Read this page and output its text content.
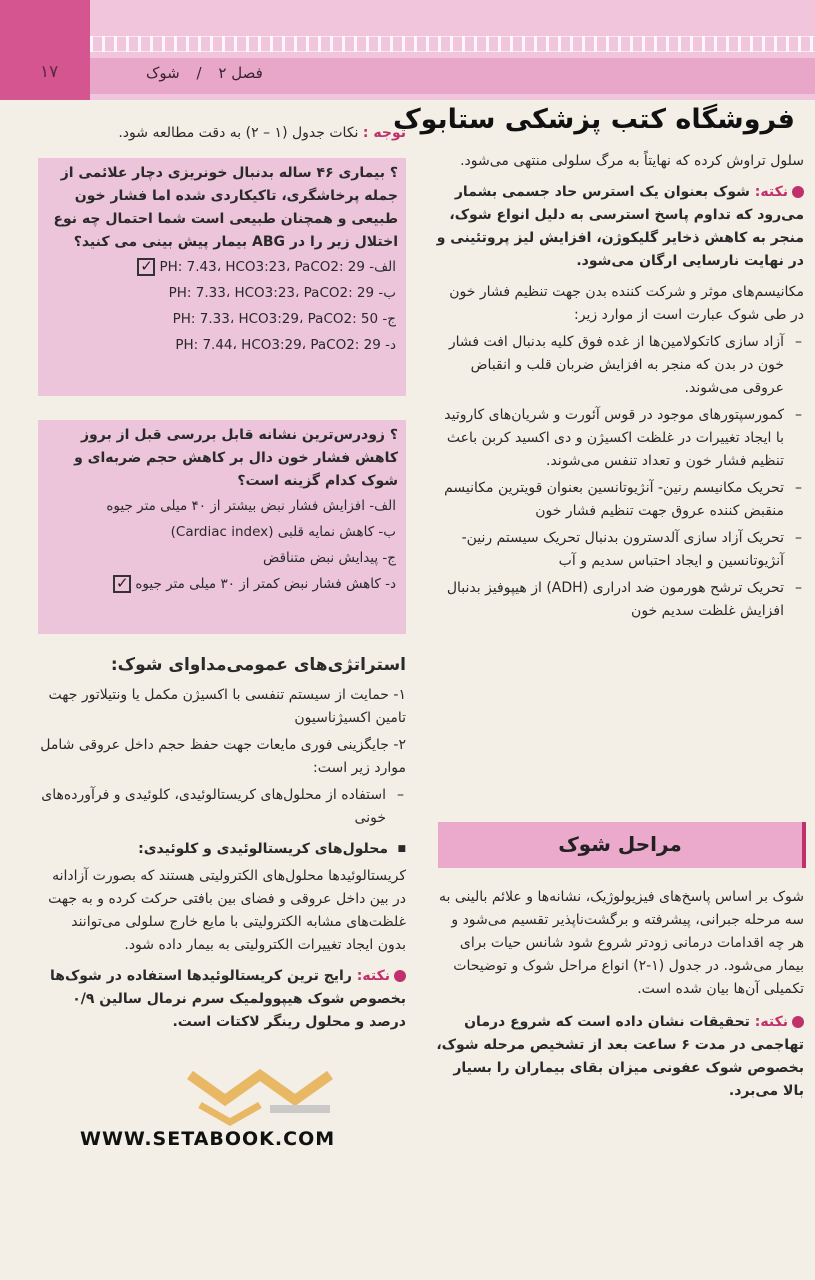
۱۷	فصل ۲ / شوک
فروشگاه کتب پزشکی ستابوک

سلول تراوش کرده که نهایتاً به مرگ سلولی منتهی می‌شود.

نکته: شوک بعنوان یک استرس حاد جسمی بشمار می‌رود که تداوم پاسخ استرسی به دلیل انواع شوک، منجر به کاهش ذخایر گلیکوژن، افزایش لیز پروتئینی و در نهایت نارسایی ارگان می‌شود.

مکانیسم‌های موثر و شرکت کننده بدن جهت تنظیم فشار خون در طی شوک عبارت است از موارد زیر:

– آزاد سازی کاتکولامین‌ها از غده فوق کلیه بدنبال افت فشار خون در بدن که منجر به افزایش ضربان قلب و انقباض عروقی می‌شوند.
– کمورسپتورهای موجود در قوس آئورت و شریان‌های کاروتید با ایجاد تغییرات در غلظت اکسیژن و دی اکسید کربن باعث تنظیم فشار خون و تعداد تنفس می‌شوند.
– تحریک مکانیسم رنین- آنژیوتانسین بعنوان قویترین مکانیسم منقبض کننده عروق جهت تنظیم فشار خون
– تحریک آزاد سازی آلدسترون بدنبال تحریک سیستم رنین- آنژیوتانسین و ایجاد احتباس سدیم و آب
– تحریک ترشح هورمون ضد ادراری (ADH) از هیپوفیز بدنبال افزایش غلظت سدیم خون
مراحل شوک

شوک بر اساس پاسخ‌های فیزیولوژیک، نشانه‌ها و علائم بالینی به سه مرحله جبرانی، پیشرفته و برگشت‌ناپذیر تقسیم می‌شود و هر چه اقدامات درمانی زودتر شروع شود شانس حیات برای بیمار می‌شود. در جدول (۱-۲) انواع مراحل شوک و توضیحات تکمیلی آن‌ها بیان شده است.

نکته: تحقیقات نشان داده است که شروع درمان تهاجمی در مدت ۶ ساعت بعد از تشخیص مرحله شوک، بخصوص شوک عفونی میزان بقای بیماران را بسیار بالا می‌برد.

توجه : نکات جدول (۱ – ۲) به دقت مطالعه شود.
؟ بیماری ۴۶ ساله بدنبال خونریزی دچار علائمی از جمله پرخاشگری، تاکیکاردی شده اما فشار خون طبیعی و همچنان طبیعی است شما احتمال چه نوع اختلال زیر را در ABG بیمار پیش بینی می کنید؟
الف- PH: 7.43، HCO3:23، PaCO2: 29 ✓
ب- PH: 7.33، HCO3:23، PaCO2: 29
ج- PH: 7.33، HCO3:29، PaCO2: 50
د- PH: 7.44، HCO3:29، PaCO2: 29
؟ زودرس‌ترین نشانه قابل بررسی قبل از بروز کاهش فشار خون دال بر کاهش حجم ضربه‌ای و شوک کدام گزینه است؟
الف- افزایش فشار نبض بیشتر از ۴۰ میلی متر جیوه
ب- کاهش نمایه قلبی (Cardiac index)
ج- پیدایش نبض متناقض
د- کاهش فشار نبض کمتر از ۳۰ میلی متر جیوه ✓

استراتژی‌های عمومی‌مداوای شوک:

۱- حمایت از سیستم تنفسی با اکسیژن مکمل یا ونتیلاتور جهت تامین اکسیژناسیون

۲- جایگزینی فوری مایعات جهت حفظ حجم داخل عروقی شامل موارد زیر است:

– استفاده از محلول‌های کریستالوئیدی، کلوئیدی و فرآورده‌های خونی

■ محلول‌های کریستالوئیدی و کلوئیدی:

کریستالوئیدها محلول‌های الکترولیتی هستند که بصورت آزادانه در بین داخل عروقی و فضای بین بافتی حرکت کرده و به جهت غلظت‌های مشابه الکترولیتی با مایع خارج سلولی می‌توانند بدون ایجاد تغییرات الکترولیتی به بیمار داده شود.

نکته: رایج ترین کریستالوئیدها استفاده در شوک‌ها بخصوص شوک هیپوولمیک سرم نرمال سالین ۰/۹ درصد و محلول رینگر لاکتات است.

WWW.SETABOOK.COM
